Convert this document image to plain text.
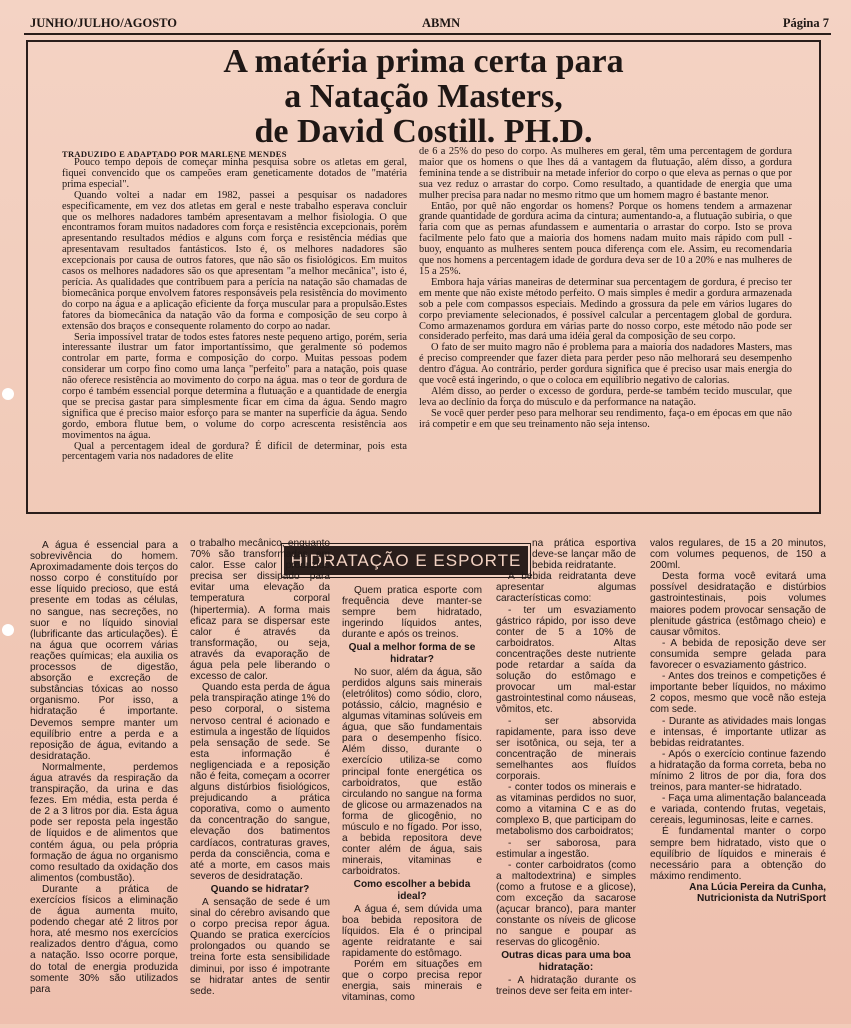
JUNHO/JULHO/AGOSTO	ABMN	Página 7
A matéria prima certa para
a Natação Masters,
de David Costill. PH.D.
TRADUZIDO E ADAPTADO POR MARLENE MENDES

Pouco tempo depois de começar minha pesquisa sobre os atletas em geral, fiquei convencido que os campeões eram geneticamente dotados de "matéria prima especial".

Quando voltei a nadar em 1982, passei a pesquisar os nadadores especificamente, em vez dos atletas em geral e neste trabalho esperava concluir que os melhores nadadores também apresentavam a melhor fisiologia. O que encontramos foram muitos nadadores com força e resistência excepcionais, porém apresentando resultados médios e alguns com força e resistência médias que apresentavam resultados fantásticos. Isto é, os melhores nadadores são excepcionais por causa de outros fatores, que não são os fisiológicos. Em muitos casos os melhores nadadores são os que apresentam "a melhor mecânica", isto é, perícia. As qualidades que contribuem para a perícia na natação são chamadas de biomecânica porque envolvem fatores responsáveis pela resistência do movimento do corpo na água e a aplicação eficiente da força muscular para a propulsão.Estes fatores da biomecânica da natação vão da forma e composição de seu corpo à extensão dos braços e consequente rolamento do corpo ao nadar.

Seria impossível tratar de todos estes fatores neste pequeno artigo, porém, seria interessante ilustrar um fator importantíssimo, que geralmente só podemos controlar em parte, forma e composição do corpo. Muitas pessoas podem considerar um corpo fino como uma lança "perfeito" para a natação, pois quase não oferece resistência ao movimento do corpo na água. mas o teor de gordura de corpo é também essencial porque determina a flutuação e a quantidade de energia que se precisa gastar para simplesmente ficar em cima da água. Sendo magro significa que é preciso maior esforço para se manter na superfície da água. Sendo gordo, embora flutue bem, o volume do corpo acrescenta resistência aos movimentos na água.

Qual a percentagem ideal de gordura? É difícil de determinar, pois esta percentagem varia nos nadadores de elite

de 6 a 25% do peso do corpo. As mulheres em geral, têm uma percentagem de gordura maior que os homens o que lhes dá a vantagem da flutuação, além disso, a gordura feminina tende a se distribuir na metade inferior do corpo o que eleva as pernas o que por sua vez reduz o arrastar do corpo. Como resultado, a quantidade de energia que uma mulher precisa para nadar no mesmo ritmo que um homem magro é bastante menor.

Então, por quê não engordar os homens? Porque os homens tendem a armazenar grande quantidade de gordura acima da cintura; aumentando-a, a flutuação subiria, o que faria com que as pernas afundassem e aumentaria o arrastar do corpo. Isto se prova facilmente pelo fato que a maioria dos homens nadam muito mais rápido com pull - buoy, enquanto as mulheres sentem pouca diferença com ele. Assim, eu recomendaria que nos homens a percentagem idade de gordura deva ser de 10 a 20% e nas mulheres de 15 a 25%.

Embora haja várias maneiras de determinar sua percentagem de gordura, é preciso ter em mente que não existe método perfeito. O mais simples é medir a gordura armazenada sob a pele com compassos especiais. Medindo a grossura da pele em vários lugares do corpo previamente selecionados, é possível calcular a percentagem global de gordura. Como armazenamos gordura em várias parte do nosso corpo, este método não pode ser considerado perfeito, mas dará uma idéia geral da composição de seu corpo.

O fato de ser muito magro não é problema para a maioria dos nadadores Masters, mas é preciso compreender que fazer dieta para perder peso não melhorará seu desempenho dentro d'água. Ao contrário, perder gordura significa que é preciso usar mais energia do que você está ingerindo, o que o coloca em equilíbrio negativo de calorias.

Além disso, ao perder o excesso de gordura, perde-se também tecido muscular, que leva ao declínio da força do músculo e da performance na natação.

Se você quer perder peso para melhorar seu rendimento, faça-o em épocas em que não irá competir e em que seu treinamento não seja intenso.

HIDRATAÇÃO E ESPORTE

A água é essencial para a sobrevivência do homem. Aproximadamente dois terços do nosso corpo é constituído por esse líquido precioso, que está presente em todas as células, no sangue, nas secreções, no suor e no líquido sinovial (lubrificante das articulações). É na água que ocorrem várias reações químicas; ela auxilia os processos de digestão, absorção e excreção de substâncias tóxicas ao nosso organismo. Por isso, a hidratação é importante. Devemos sempre manter um equilíbrio entre a perda e a reposição de água, evitando a desidratação.

Normalmente, perdemos água através da respiração da transpiração, da urina e das fezes. Em média, esta perda é de 2 a 3 litros por dia. Esta água pode ser reposta pela ingestão de líquidos e de alimentos que contém água, ou pela própria formação de água no organismo como resultado da oxidação dos alimentos (combustão).

Durante a prática de exercícios físicos a eliminação de água aumenta muito, podendo chegar até 2 litros por hora, até mesmo nos exercícios realizados dentro d'água, como a natação. Isso ocorre porque, do total de energia produzida somente 30% são utilizados para

o trabalho mecânico, enquanto 70% são transformadas em calor. Esse calor produzido precisa ser dissipado para evitar uma elevação da temperatura corporal (hipertermia). A forma mais eficaz para se dispersar este calor é através da transformação, ou seja, através da evaporação de água pela pele liberando o excesso de calor.

Quando esta perda de água pela transpiração atinge 1% do peso corporal, o sistema nervoso central é acionado e estimula a ingestão de líquidos pela sensação de sede. Se esta informação é negligenciada e a reposição não é feita, começam a ocorrer alguns distúrbios fisiológicos, prejudicando a prática coporativa, como o aumento da concentração do sangue, elevação dos batimentos cardíacos, contraturas graves, perda da consciência, coma e até a morte, em casos mais severos de desidratação.

Quando se hidratar?

A sensação de sede é um sinal do cérebro avisando que o corpo precisa repor água. Quando se pratica exercícios prolongados ou quando se treina forte esta sensibilidade diminui, por isso é impotrante se hidratar antes de sentir sede.

Quem pratica esporte com frequência deve manter-se sempre bem hidratado, ingerindo líquidos antes, durante e após os treinos.

Qual a melhor forma de se hidratar?

No suor, além da água, são perdidos alguns sais minerais (eletrólitos) como sódio, cloro, potássio, cálcio, magnésio e algumas vitaminas solúveis em água, que são fundamentais para o desempenho físico. Além disso, durante o exercício utiliza-se como principal fonte energética os carboidratos, que estão circulando no sangue na forma de glicose ou armazenados na forma de glicogênio, no músculo e no fígado. Por isso, a bebida repositora deve conter além de água, sais minerais, vitaminas e carboidratos.

Como escolher a bebida ideal?

A água é, sem dúvida uma boa bebida repositora de líquidos. Ela é o principal agente reidratante e sai rapidamente do estômago.

Porém em situações em que o corpo precisa repor energia, sais minerais e vitaminas, como

na prática esportiva deve-se lançar mão de bebida reidratante.

A bebida reidratanta deve apresentar algumas características como:

- ter um esvaziamento gástrico rápido, por isso deve conter de 5 a 10% de carboidratos. Altas concentrações deste nutriente pode retardar a saída da solução do estômago e provocar um mal-estar gastrointestinal como náuseas, vômitos, etc.

- ser absorvida rapidamente, para isso deve ser isotônica, ou seja, ter a concentração de minerais semelhantes aos fluídos corporais.

- conter todos os minerais e as vitaminas perdidos no suor, como a vitamina C e as do complexo B, que participam do metabolismo dos carboidratos;

- ser saborosa, para estimular a ingestão.

- conter carboidratos (como a maltodextrina) e simples (como a frutose e a glicose), com exceção da sacarose (açucar branco), para manter constante os níveis de glicose no sangue e poupar as reservas do glicogênio.

Outras dicas para uma boa hidratação:

- A hidratação durante os treinos deve ser feita em inter-

valos regulares, de 15 a 20 minutos, com volumes pequenos, de 150 a 200ml.

Desta forma você evitará uma possível desidratação e distúrbios gastrointestinais, pois volumes maiores podem provocar sensação de plenitude gástrica (estômago cheio) e causar vômitos.

- A bebida de reposição deve ser consumida sempre gelada para favorecer o esvaziamento gástrico.

- Antes dos treinos e competições é importante beber líquidos, no máximo 2 copos, mesmo que você não esteja com sede.

- Durante as atividades mais longas e intensas, é importante utlizar as bebidas reidratantes.

- Após o exercício continue fazendo a hidratação da forma correta, beba no mínimo 2 litros de por dia, fora dos treinos, para manter-se hidratado.

- Faça uma alimentação balanceada e variada, contendo frutas, vegetais, cereais, leguminosas, leite e carnes.

É fundamental manter o corpo sempre bem hidratado, visto que o equilíbrio de líquidos e minerais é necessário para a obtenção do máximo rendimento.

Ana Lúcia Pereira da Cunha, Nutricionista da NutriSport
